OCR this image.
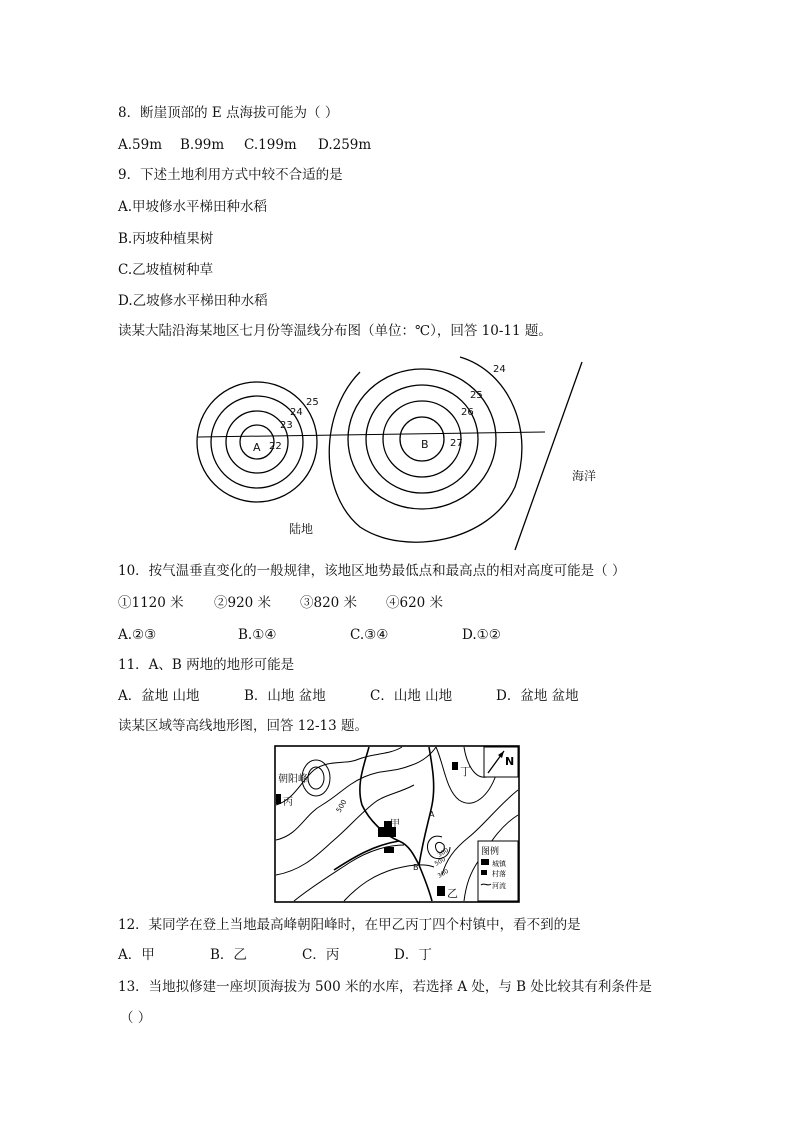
8．断崖顶部的 E 点海拔可能为（ ）
A.59m B.99m C.199m D.259m
9．下述土地利用方式中较不合适的是
A.甲坡修水平梯田种水稻
B.丙坡种植果树
C.乙坡植树种草
D.乙坡修水平梯田种水稻
读某大陆沿海某地区七月份等温线分布图（单位：℃），回答 10-11 题。
25
24
23
22
A
24
25
26
27
B
陆地
海洋
10．按气温垂直变化的一般规律，该地区地势最低点和最高点的相对高度可能是（ ）
①1120 米 ②920 米 ③820 米 ④620 米
A.②③	B.①④	C.③④	D.①②
11．A、B 两地的地形可能是
A．盆地 山地	B．山地 盆地	C．山地 山地	D．盆地 盆地
读某区域等高线地形图，回答 12-13 题。
N
图例
城镇
村落
河流
朝阳峰
丙
甲
丁
乙
500
A
B
300
500
300
12．某同学在登上当地最高峰朝阳峰时，在甲乙丙丁四个村镇中，看不到的是
A．甲	B．乙	C．丙	D．丁
13．当地拟修建一座坝顶海拔为 500 米的水库，若选择 A 处，与 B 处比较其有利条件是
（ ）
